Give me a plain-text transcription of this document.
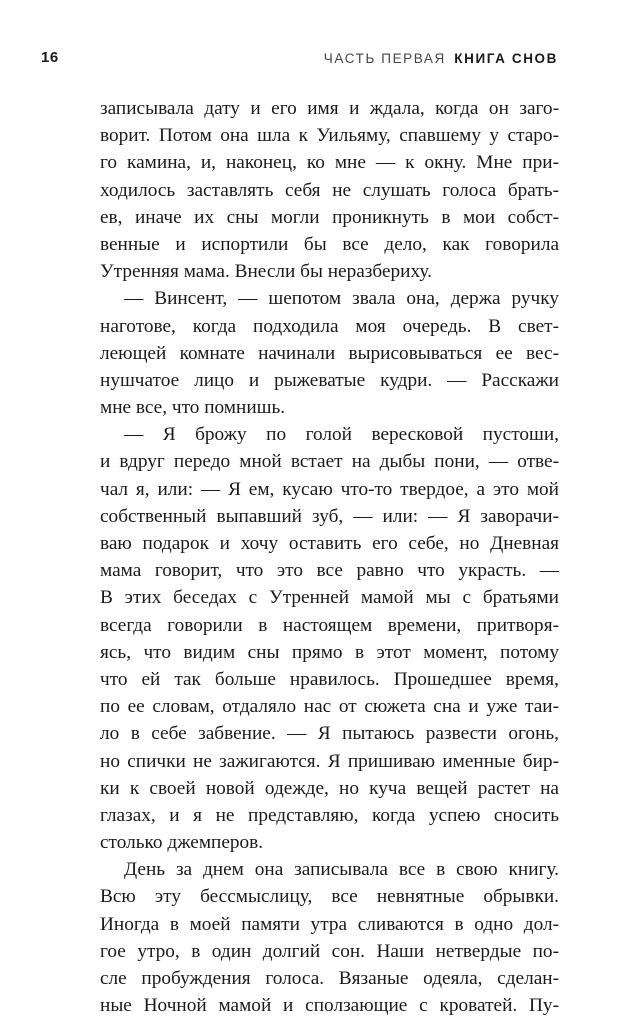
16	ЧАСТЬ ПЕРВАЯ КНИГА СНОВ
записывала дату и его имя и ждала, когда он заго-
ворит. Потом она шла к Уильяму, спавшему у старо-
го камина, и, наконец, ко мне — к окну. Мне при-
ходилось заставлять себя не слушать голоса брать-
ев, иначе их сны могли проникнуть в мои собст-
венные и испортили бы все дело, как говорила
Утренняя мама. Внесли бы неразбериху.
— Винсент, — шепотом звала она, держа ручку
наготове, когда подходила моя очередь. В свет-
леющей комнате начинали вырисовываться ее вес-
нушчатое лицо и рыжеватые кудри. — Расскажи
мне все, что помнишь.
— Я брожу по голой вересковой пустоши,
и вдруг передо мной встает на дыбы пони, — отве-
чал я, или: — Я ем, кусаю что-то твердое, а это мой
собственный выпавший зуб, — или: — Я заворачи-
ваю подарок и хочу оставить его себе, но Дневная
мама говорит, что это все равно что украсть. —
В этих беседах с Утренней мамой мы с братьями
всегда говорили в настоящем времени, притворя-
ясь, что видим сны прямо в этот момент, потому
что ей так больше нравилось. Прошедшее время,
по ее словам, отдаляло нас от сюжета сна и уже таи-
ло в себе забвение. — Я пытаюсь развести огонь,
но спички не зажигаются. Я пришиваю именные бир-
ки к своей новой одежде, но куча вещей растет на
глазах, и я не представляю, когда успею сносить
столько джемперов.
День за днем она записывала все в свою книгу.
Всю эту бессмыслицу, все невнятные обрывки.
Иногда в моей памяти утра сливаются в одно дол-
гое утро, в один долгий сон. Наши нетвердые по-
сле пробуждения голоса. Вязаные одеяла, сделан-
ные Ночной мамой и сползающие с кроватей. Пу-
